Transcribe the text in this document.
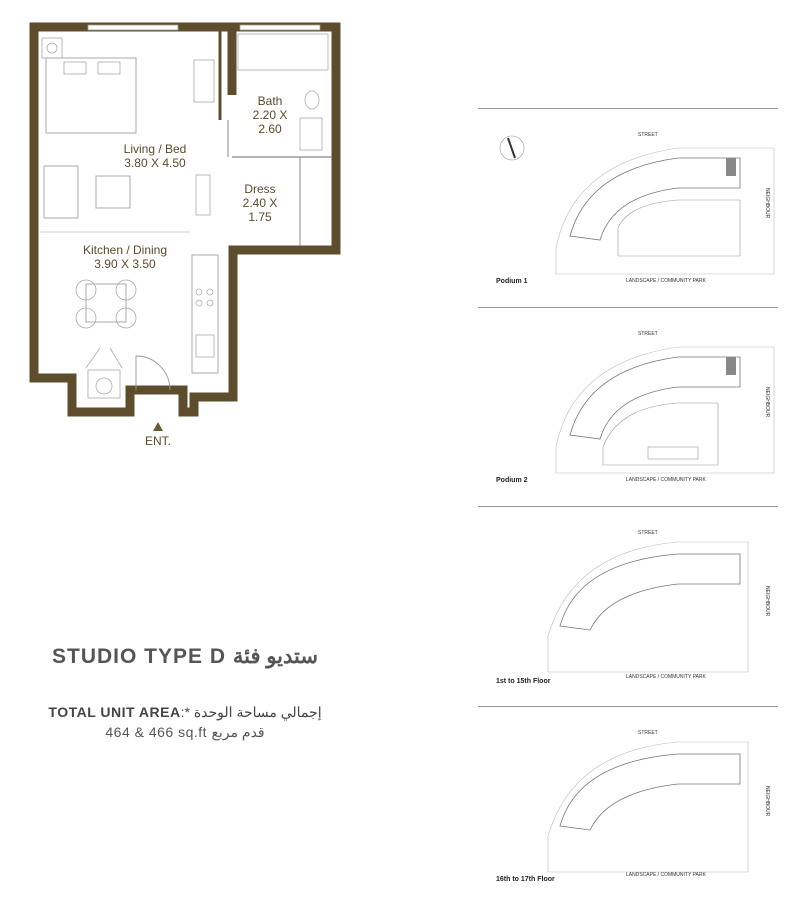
Living / Bed
3.80 X 4.50
Bath
2.20 X
2.60
Dress
2.40 X
1.75
Kitchen / Dining
3.90 X 3.50
ENT.
STUDIO TYPE D ستديو فئة
TOTAL UNIT AREA:* إجمالي مساحة الوحدة
464 & 466 sq.ft قدم مربع
STREET
NEIGHBOUR
LANDSCAPE / COMMUNITY PARK
Podium 1
STREET
NEIGHBOUR
LANDSCAPE / COMMUNITY PARK
Podium 2
STREET
NEIGHBOUR
LANDSCAPE / COMMUNITY PARK
1st to 15th Floor
STREET
NEIGHBOUR
LANDSCAPE / COMMUNITY PARK
16th to 17th Floor
